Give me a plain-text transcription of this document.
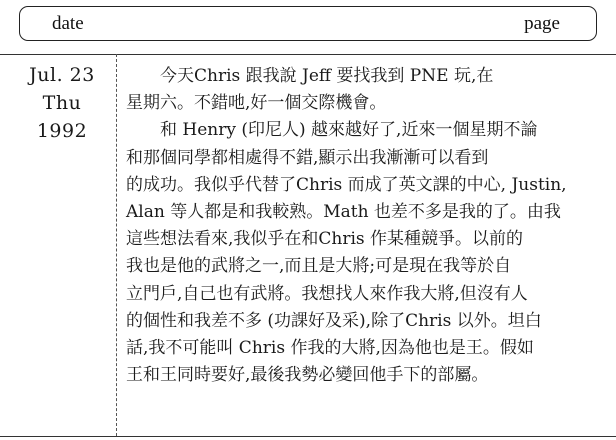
date	page
Jul. 23
Thu
1992
　　今天Chris 跟我說 Jeff 要找我到 PNE 玩,在
星期六。不錯吔,好一個交際機會。
　　和 Henry (印尼人) 越來越好了,近來一個星期不論
和那個同學都相處得不錯,顯示出我漸漸可以看到
的成功。我似乎代替了Chris 而成了英文課的中心, Justin,
Alan 等人都是和我較熟。Math 也差不多是我的了。由我
這些想法看來,我似乎在和Chris 作某種競爭。以前的
我也是他的武將之一,而且是大將;可是現在我等於自
立門戶,自己也有武將。我想找人來作我大將,但沒有人
的個性和我差不多 (功課好及采),除了Chris 以外。坦白
話,我不可能叫 Chris 作我的大將,因為他也是王。假如
王和王同時要好,最後我勢必變回他手下的部屬。
